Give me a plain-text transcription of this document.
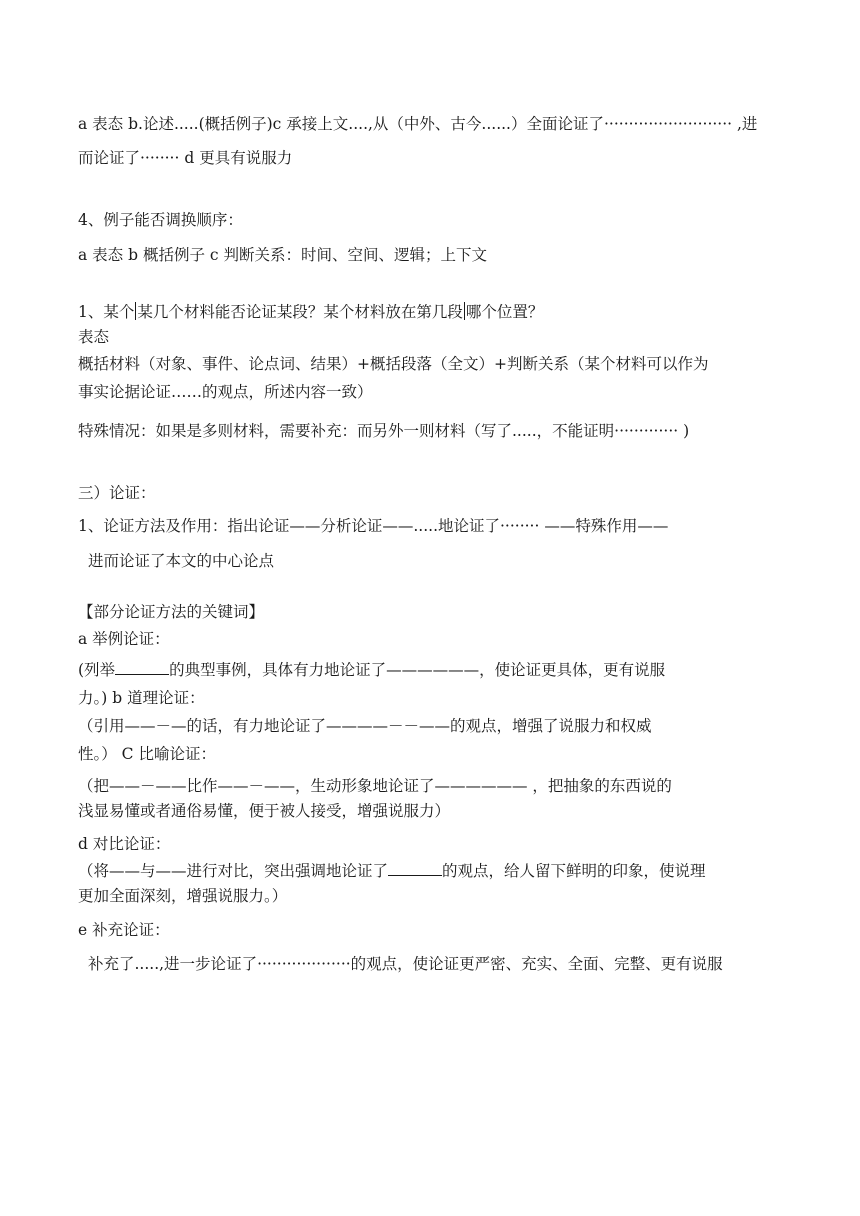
a 表态 b.论述.....(概括例子)c 承接上文....,从（中外、古今......）全面论证了·························· ,进
而论证了········ d 更具有说服力
4、例子能否调换顺序：
a 表态 b 概括例子 c 判断关系：时间、空间、逻辑；上下文
1、某个 某几个材料能否论证某段？某个材料放在第几段 哪个位置？
表态
概括材料（对象、事件、论点词、结果）+概括段落（全文）+判断关系（某个材料可以作为
事实论据论证……的观点，所述内容一致）
特殊情况：如果是多则材料，需要补充：而另外一则材料（写了.....，不能证明············· )
三）论证：
1、论证方法及作用：指出论证——分析论证——.....地论证了········ ——特殊作用——
进而论证了本文的中心论点
【部分论证方法的关键词】
a 举例论证：
(列举	的典型事例，具体有力地论证了——————，使论证更具体，更有说服
力。) b 道理论证：
（引用——－—的话，有力地论证了————－－——的观点，增强了说服力和权威
性。） C 比喻论证：
（把——－——比作——－——，生动形象地论证了—————— ，把抽象的东西说的
浅显易懂或者通俗易懂，便于被人接受，增强说服力）
d 对比论证：
（将——与——进行对比，突出强调地论证了	的观点，给人留下鲜明的印象，使说理
更加全面深刻，增强说服力。）
e 补充论证：
补充了.....,进一步论证了···················的观点，使论证更严密、充实、全面、完整、更有说服
